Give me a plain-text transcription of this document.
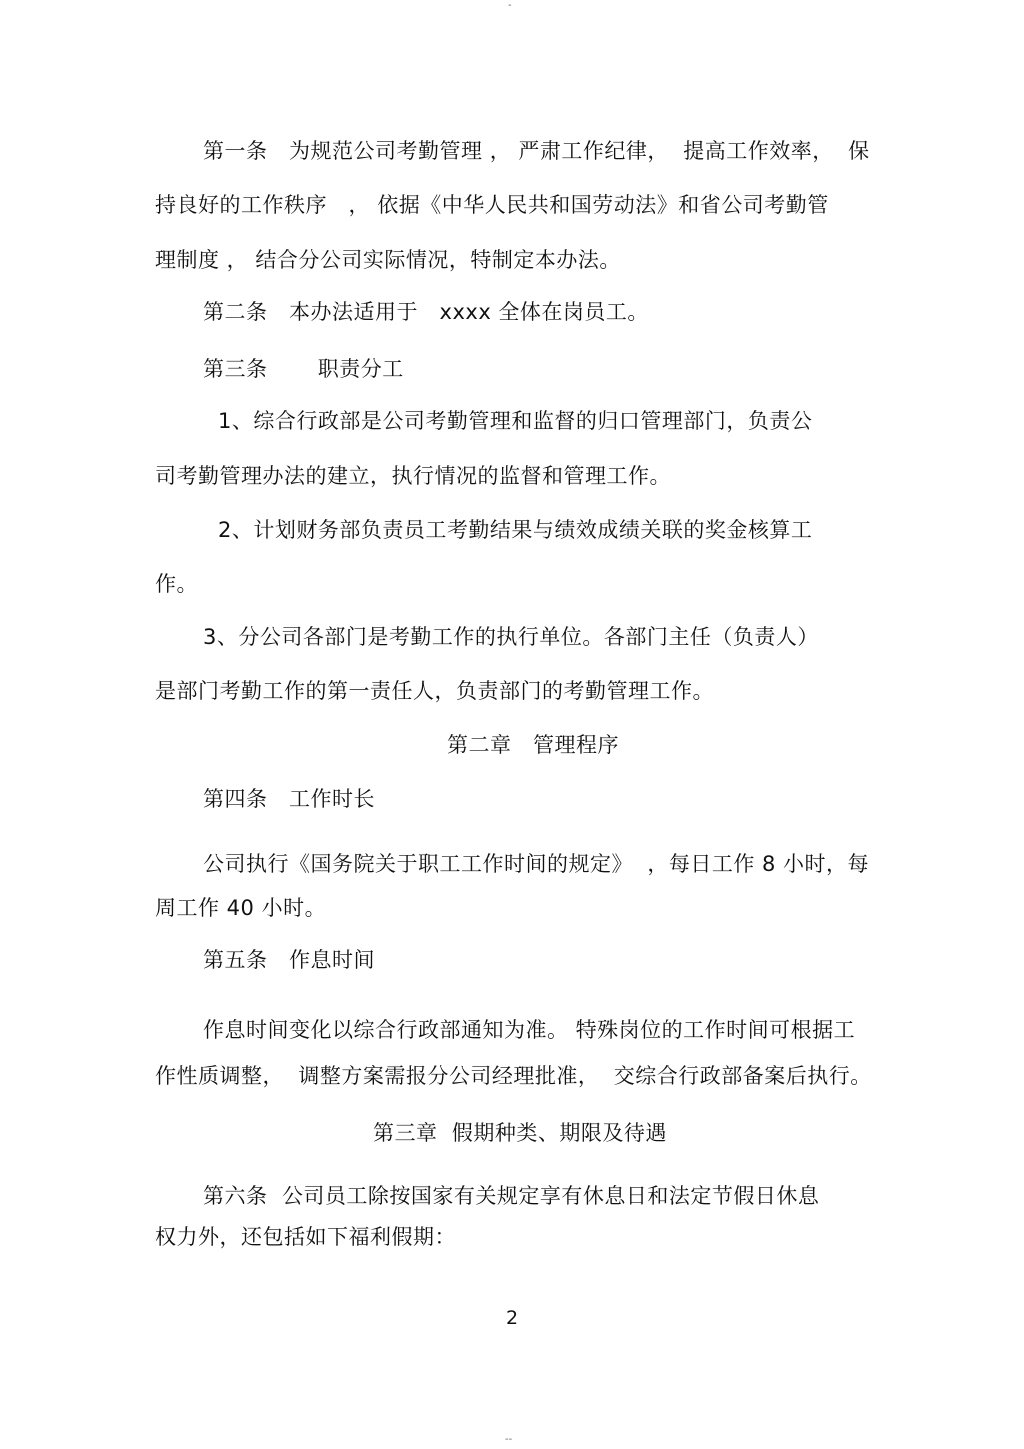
-
第一条   为规范公司考勤管理 ， 严肃工作纪律，  提高工作效率，  保
持良好的工作秩序   ， 依据《中华人民共和国劳动法》和省公司考勤管
理制度 ， 结合分公司实际情况，特制定本办法。
第二条   本办法适用于   xxxx 全体在岗员工。
第三条       职责分工
1、综合行政部是公司考勤管理和监督的归口管理部门，负责公
司考勤管理办法的建立，执行情况的监督和管理工作。
2、计划财务部负责员工考勤结果与绩效成绩关联的奖金核算工
作。
3、分公司各部门是考勤工作的执行单位。各部门主任（负责人）
是部门考勤工作的第一责任人，负责部门的考勤管理工作。
第二章   管理程序
第四条   工作时长
公司执行《国务院关于职工工作时间的规定》  ，每日工作 8 小时，每
周工作 40 小时。
第五条   作息时间
作息时间变化以综合行政部通知为准。 特殊岗位的工作时间可根据工
作性质调整，  调整方案需报分公司经理批准，  交综合行政部备案后执行。
第三章  假期种类、期限及待遇
第六条  公司员工除按国家有关规定享有休息日和法定节假日休息
权力外，还包括如下福利假期：
2
--
